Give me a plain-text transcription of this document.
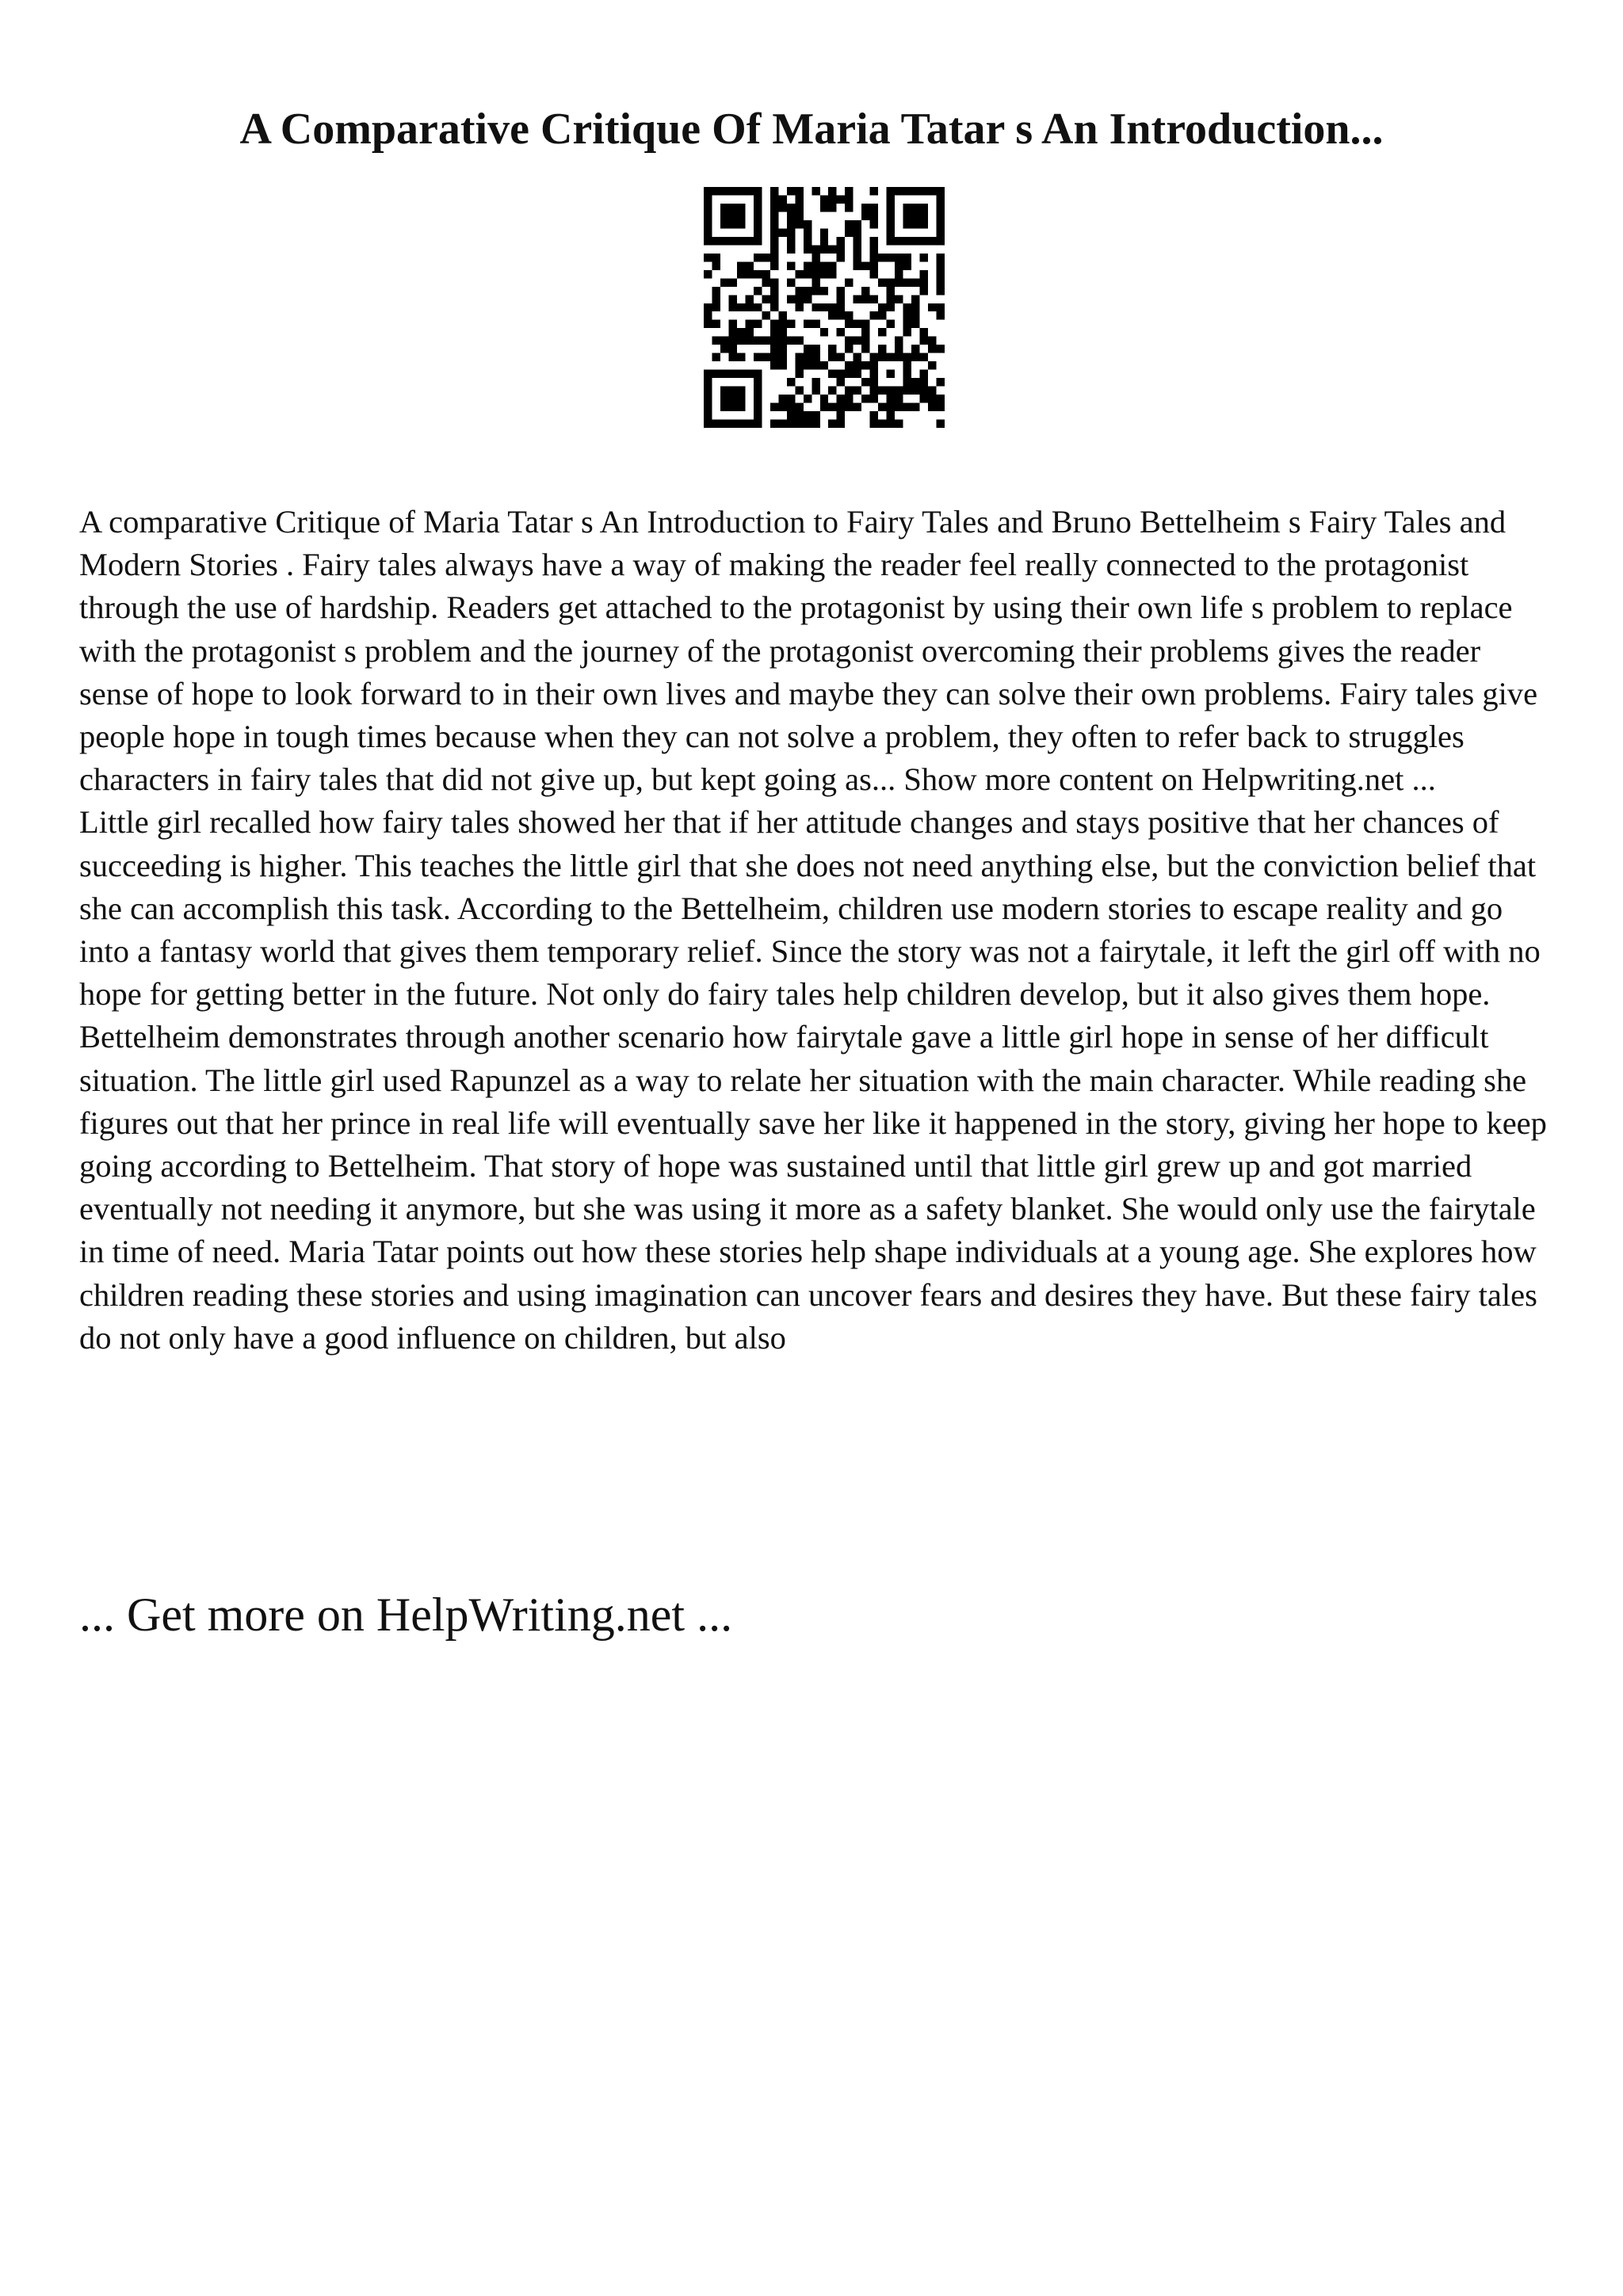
A Comparative Critique Of Maria Tatar s An Introduction...

A comparative Critique of Maria Tatar s An Introduction to Fairy Tales and Bruno Bettelheim s Fairy Tales and Modern Stories . Fairy tales always have a way of making the reader feel really connected to the protagonist through the use of hardship. Readers get attached to the protagonist by using their own life s problem to replace with the protagonist s problem and the journey of the protagonist overcoming their problems gives the reader sense of hope to look forward to in their own lives and maybe they can solve their own problems. Fairy tales give people hope in tough times because when they can not solve a problem, they often to refer back to struggles characters in fairy tales that did not give up, but kept going as... Show more content on Helpwriting.net ...

Little girl recalled how fairy tales showed her that if her attitude changes and stays positive that her chances of succeeding is higher. This teaches the little girl that she does not need anything else, but the conviction belief that she can accomplish this task. According to the Bettelheim, children use modern stories to escape reality and go into a fantasy world that gives them temporary relief. Since the story was not a fairytale, it left the girl off with no hope for getting better in the future. Not only do fairy tales help children develop, but it also gives them hope. Bettelheim demonstrates through another scenario how fairytale gave a little girl hope in sense of her difficult situation. The little girl used Rapunzel as a way to relate her situation with the main character. While reading she figures out that her prince in real life will eventually save her like it happened in the story, giving her hope to keep going according to Bettelheim. That story of hope was sustained until that little girl grew up and got married eventually not needing it anymore, but she was using it more as a safety blanket. She would only use the fairytale in time of need. Maria Tatar points out how these stories help shape individuals at a young age. She explores how children reading these stories and using imagination can uncover fears and desires they have. But these fairy tales do not only have a good influence on children, but also

... Get more on HelpWriting.net ...
